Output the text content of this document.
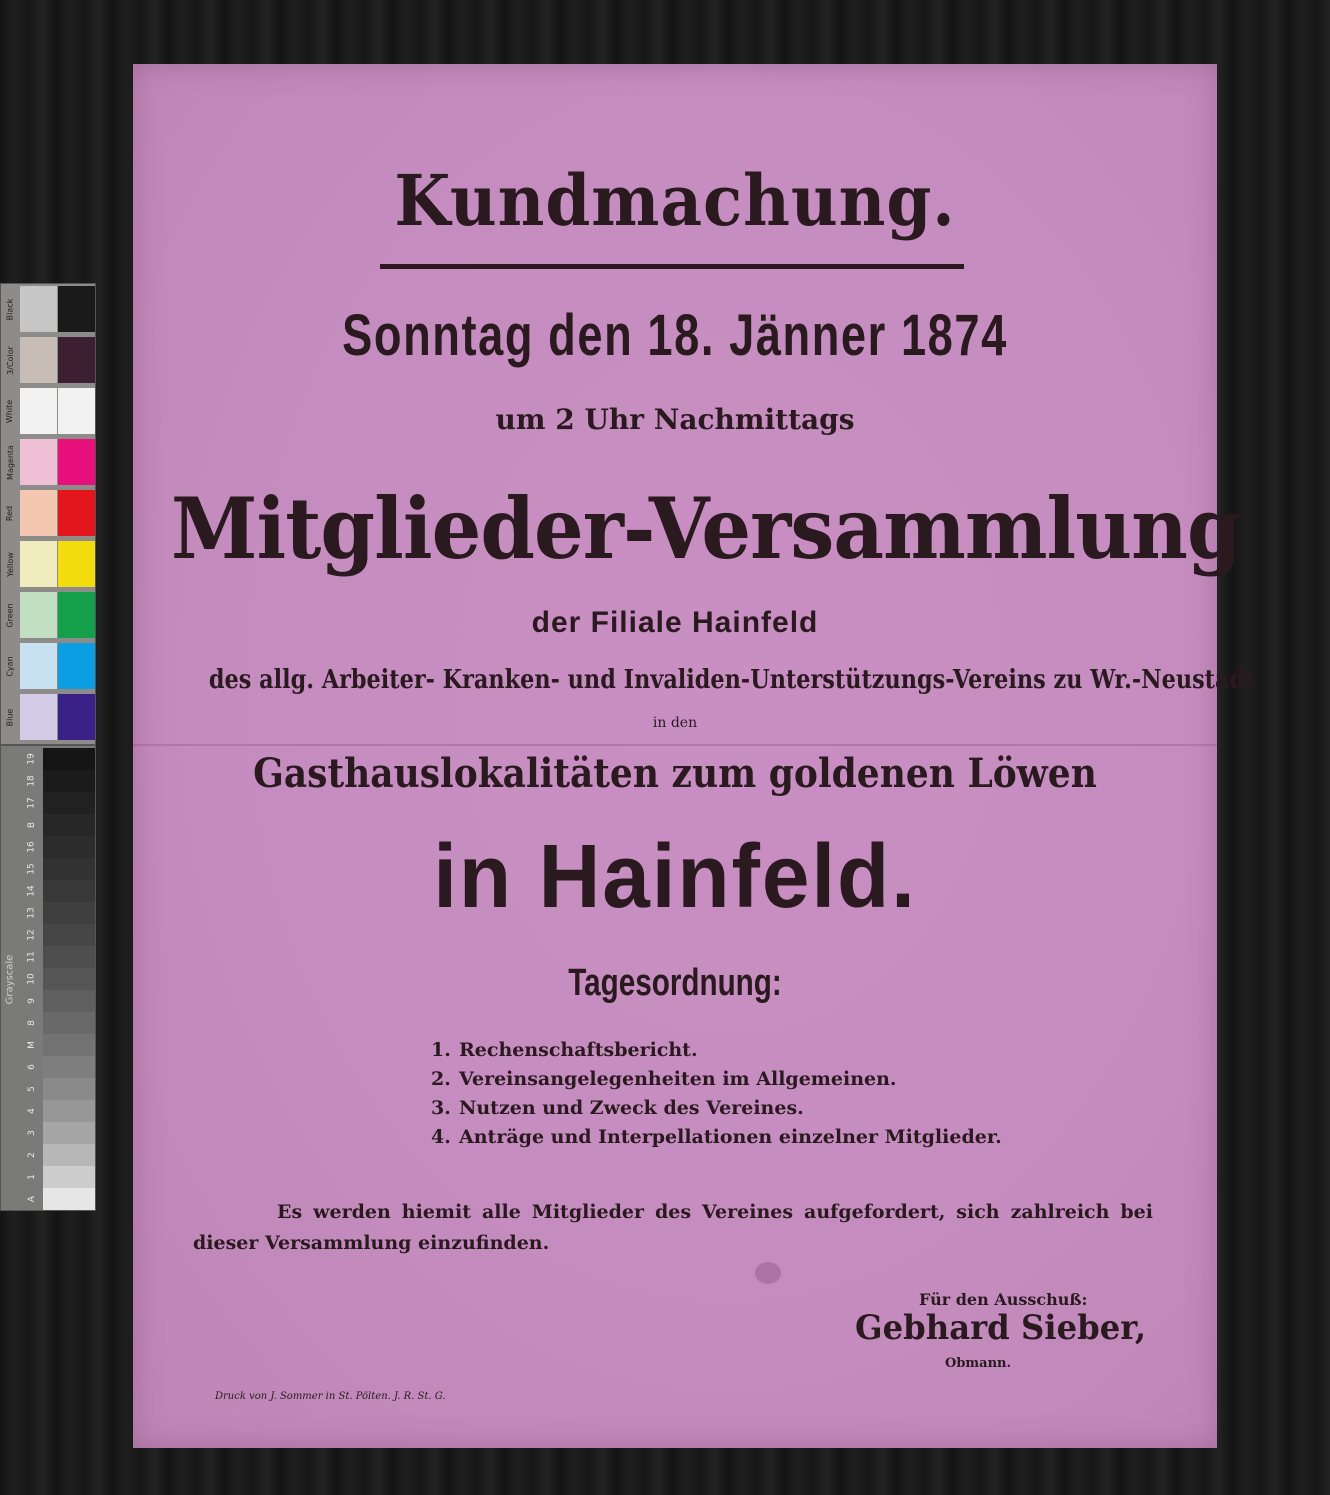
Black
3/Color
White
Magenta
Red
Yellow
Green
Cyan
Blue
19
18
17
B
16
15
14
13
12
11
10
9
8
M
6
5
4
3
2
1
A
Grayscale
Kundmachung.
Sonntag den 18. Jänner 1874
um 2 Uhr Nachmittags
Mitglieder-Versammlung
der Filiale Hainfeld
des allg. Arbeiter- Kranken- und Invaliden-Unterstützungs-Vereins zu Wr.-Neustadt
in den
Gasthauslokalitäten zum goldenen Löwen
in Hainfeld.
Tagesordnung:
1. Rechenschaftsbericht.
2. Vereinsangelegenheiten im Allgemeinen.
3. Nutzen und Zweck des Vereines.
4. Anträge und Interpellationen einzelner Mitglieder.
Es werden hiemit alle Mitglieder des Vereines aufgefordert, sich zahlreich bei dieser Versammlung einzufinden.
Für den Ausschuß:
Gebhard Sieber,
Obmann.
Druck von J. Sommer in St. Pölten. J. R. St. G.
